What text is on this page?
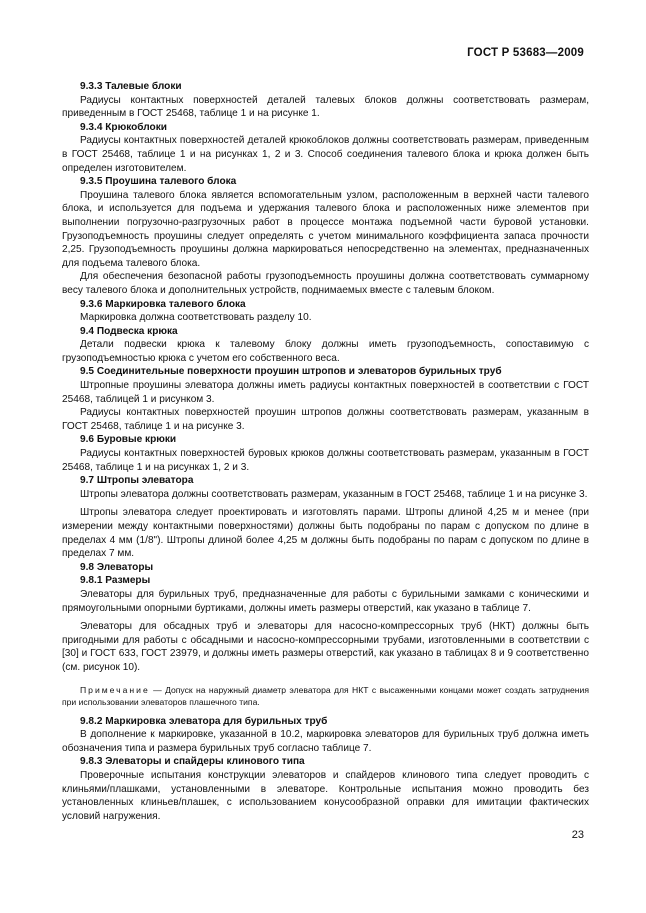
ГОСТ Р 53683—2009

9.3.3 Талевые блоки

Радиусы контактных поверхностей деталей талевых блоков должны соответствовать размерам, приведенным в ГОСТ 25468, таблице 1 и на рисунке 1.

9.3.4 Крюкоблоки

Радиусы контактных поверхностей деталей крюкоблоков должны соответствовать размерам, приведенным в ГОСТ 25468, таблице 1 и на рисунках 1, 2 и 3. Способ соединения талевого блока и крюка должен быть определен изготовителем.

9.3.5 Проушина талевого блока

Проушина талевого блока является вспомогательным узлом, расположенным в верхней части талевого блока, и используется для подъема и удержания талевого блока и расположенных ниже элементов при выполнении погрузочно-разгрузочных работ в процессе монтажа подъемной части буровой установки. Грузоподъемность проушины следует определять с учетом минимального коэффициента запаса прочности 2,25. Грузоподъемность проушины должна маркироваться непосредственно на элементах, предназначенных для подъема талевого блока.

Для обеспечения безопасной работы грузоподъемность проушины должна соответствовать суммарному весу талевого блока и дополнительных устройств, поднимаемых вместе с талевым блоком.

9.3.6 Маркировка талевого блока

Маркировка должна соответствовать разделу 10.

9.4 Подвеска крюка

Детали подвески крюка к талевому блоку должны иметь грузоподъемность, сопоставимую с грузоподъемностью крюка с учетом его собственного веса.

9.5 Соединительные поверхности проушин штропов и элеваторов бурильных труб

Штропные проушины элеватора должны иметь радиусы контактных поверхностей в соответствии с ГОСТ 25468, таблицей 1 и рисунком 3.

Радиусы контактных поверхностей проушин штропов должны соответствовать размерам, указанным в ГОСТ 25468, таблице 1 и на рисунке 3.

9.6 Буровые крюки

Радиусы контактных поверхностей буровых крюков должны соответствовать размерам, указанным в ГОСТ 25468, таблице 1 и на рисунках 1, 2 и 3.

9.7 Штропы элеватора

Штропы элеватора должны соответствовать размерам, указанным в ГОСТ 25468, таблице 1 и на рисунке 3.

Штропы элеватора следует проектировать и изготовлять парами. Штропы длиной 4,25 м и менее (при измерении между контактными поверхностями) должны быть подобраны по парам с допуском по длине в пределах 4 мм (1/8"). Штропы длиной более 4,25 м должны быть подобраны по парам с допуском по длине в пределах 7 мм.

9.8 Элеваторы

9.8.1 Размеры

Элеваторы для бурильных труб, предназначенные для работы с бурильными замками с коническими и прямоугольными опорными буртиками, должны иметь размеры отверстий, как указано в таблице 7.

Элеваторы для обсадных труб и элеваторы для насосно-компрессорных труб (НКТ) должны быть пригодными для работы с обсадными и насосно-компрессорными трубами, изготовленными в соответствии с [30] и ГОСТ 633, ГОСТ 23979, и должны иметь размеры отверстий, как указано в таблицах 8 и 9 соответственно (см. рисунок 10).

Примечание — Допуск на наружный диаметр элеватора для НКТ с высаженными концами может создать затруднения при использовании элеваторов плашечного типа.

9.8.2 Маркировка элеватора для бурильных труб

В дополнение к маркировке, указанной в 10.2, маркировка элеваторов для бурильных труб должна иметь обозначения типа и размера бурильных труб согласно таблице 7.

9.8.3 Элеваторы и спайдеры клинового типа

Проверочные испытания конструкции элеваторов и спайдеров клинового типа следует проводить с клиньями/плашками, установленными в элеваторе. Контрольные испытания можно проводить без установленных клиньев/плашек, с использованием конусообразной оправки для имитации фактических условий нагружения.

23
